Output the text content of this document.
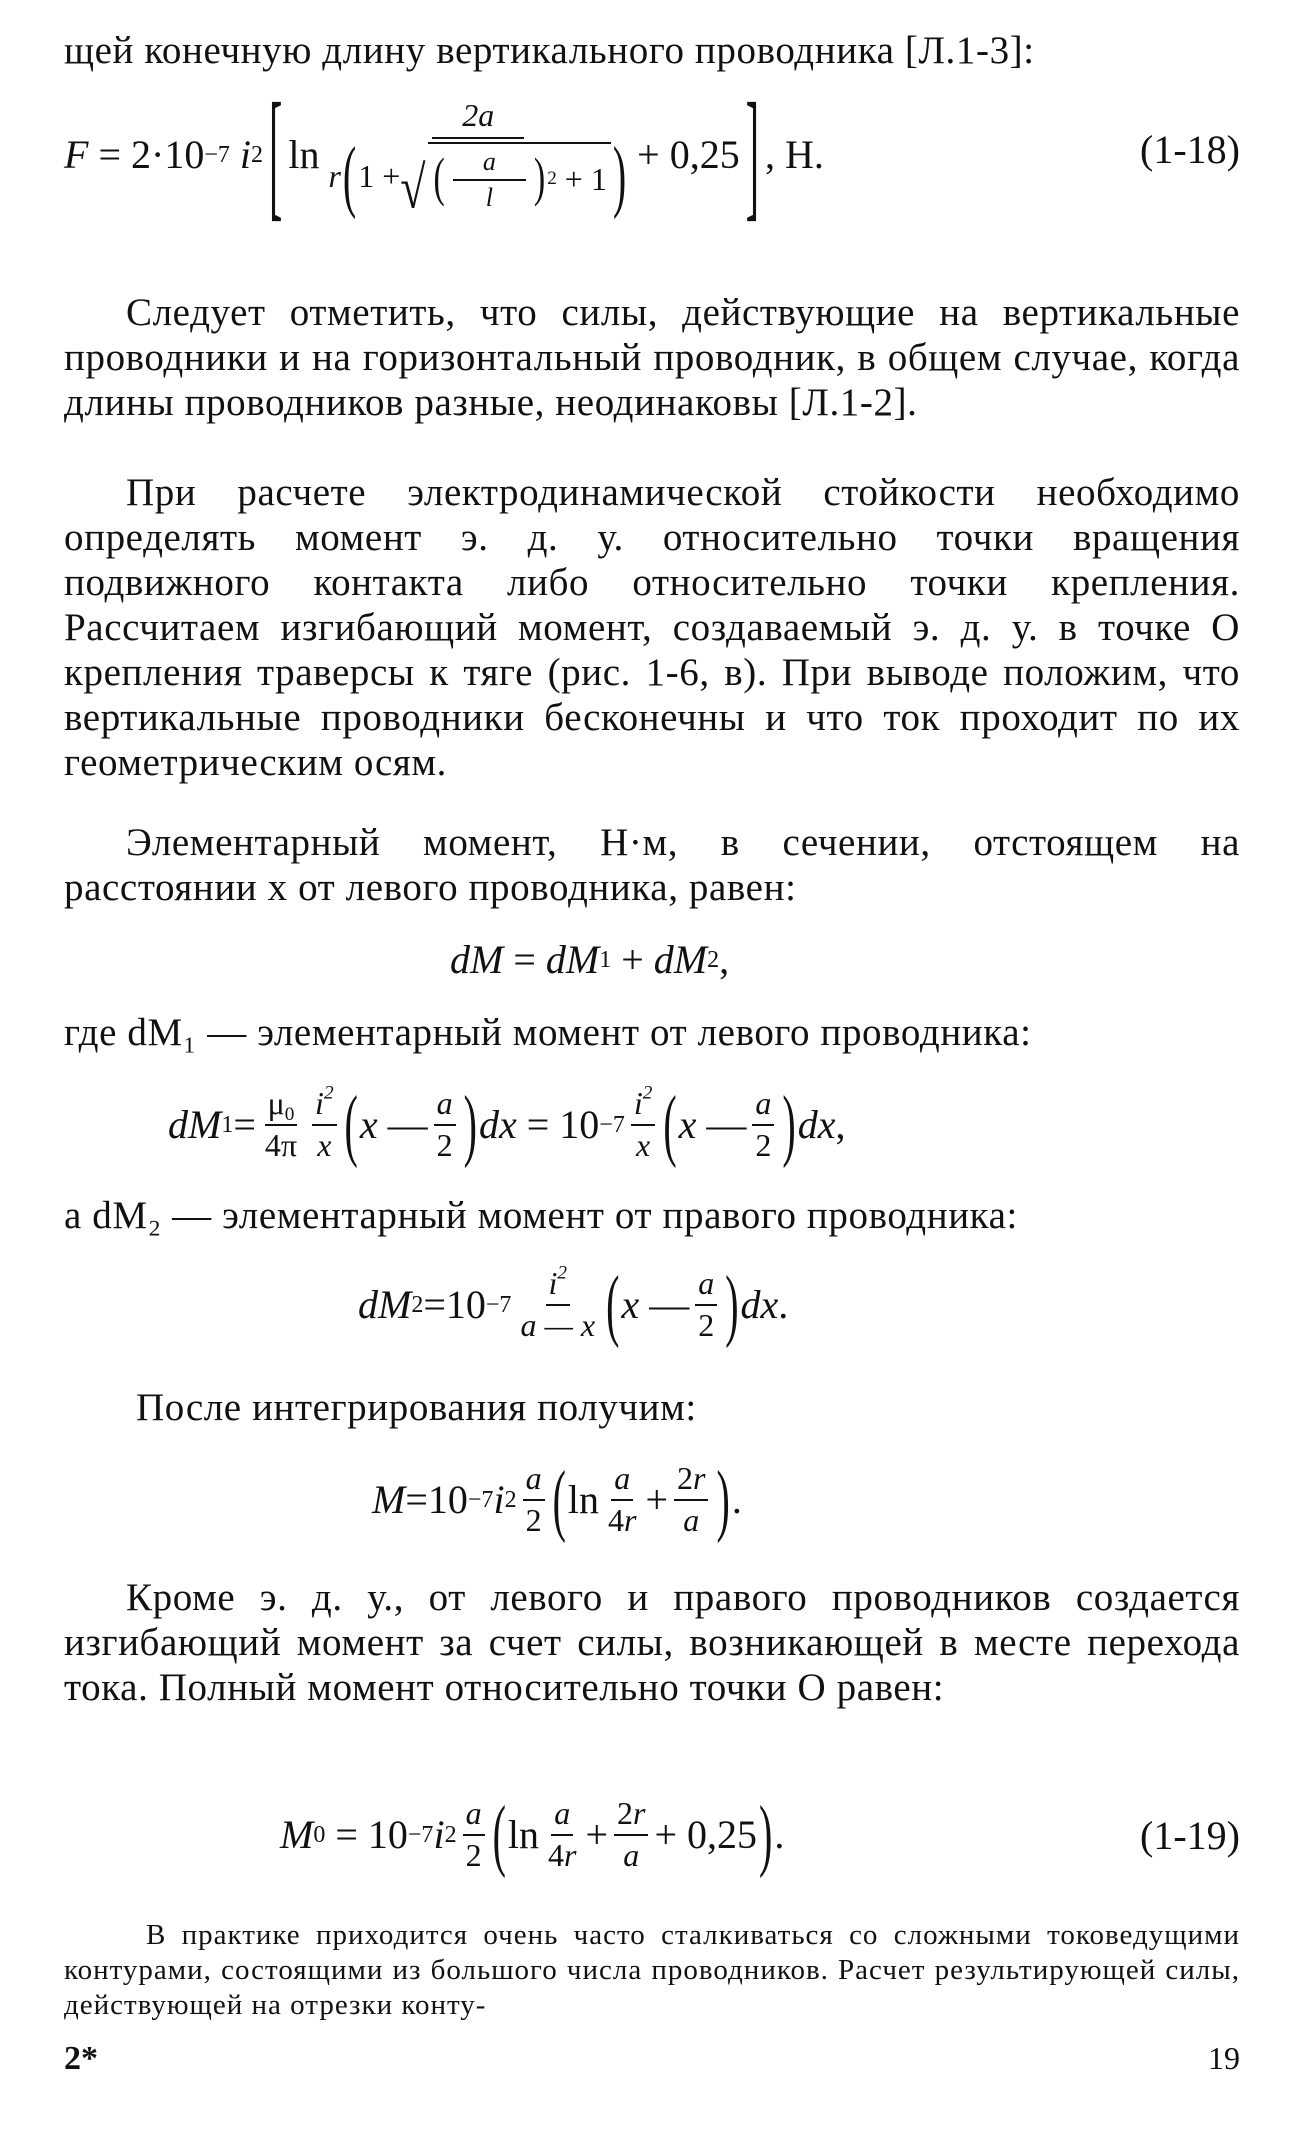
щей конечную длину вертикального проводника [Л.1-3]:
F = 2·10 −7 i 2 [ $\ln \frac{2a}{r ( 1 + √ ( \frac{a}{l} ) 2 + 1 )} + 0,25$ ] , Н.	(1-18)

Следует отметить, что силы, действующие на вертикальные проводники и на горизонтальный проводник, в общем случае, когда длины проводников разные, неодинаковы [Л.1-2].

При расчете электродинамической стойкости необходимо определять момент э. д. у. относительно точки вращения подвижного контакта либо относительно точки крепления. Рассчитаем изгибающий момент, создаваемый э. д. у. в точке O крепления траверсы к тяге (рис. 1-6, в). При выводе положим, что вертикальные проводники бесконечны и что ток проходит по их геометрическим осям.

Элементарный момент, Н·м, в сечении, отстоящем на расстоянии x от левого проводника, равен:

dM = dM 1 + dM 2 ,
где dM₁ — элементарный момент от левого проводника:
dM $1 = \frac{\mu_0}{4\pi} \frac{i^2}{x}$ ( x — $\frac{a}{2}$ ) dx = $10 -7 \frac{i^2}{x}$ ( x — $\frac{a}{2}$ ) dx ,
а dM₂ — элементарный момент от правого проводника:
dM $2 =10 -7 \frac{i^2}{a — x}$ ( x — $\frac{a}{2}$ ) dx .
После интегрирования получим:
M =10 −7 i $2 \frac{a}{2}$ ( $\ln \frac{a}{4r} + \frac{2r}{a}$ ) .

Кроме э. д. у., от левого и правого проводников создается изгибающий момент за счет силы, возникающей в месте перехода тока. Полный момент относительно точки O равен:

M 0 = 10 −7 i $2 \frac{a}{2}$ ( $\ln \frac{a}{4r} + \frac{2r}{a} + 0,25$ ) .	(1-19)

В практике приходится очень часто сталкиваться со сложными токоведущими контурами, состоящими из большого числа проводников. Расчет результирующей силы, действующей на отрезки конту-

2*	19
